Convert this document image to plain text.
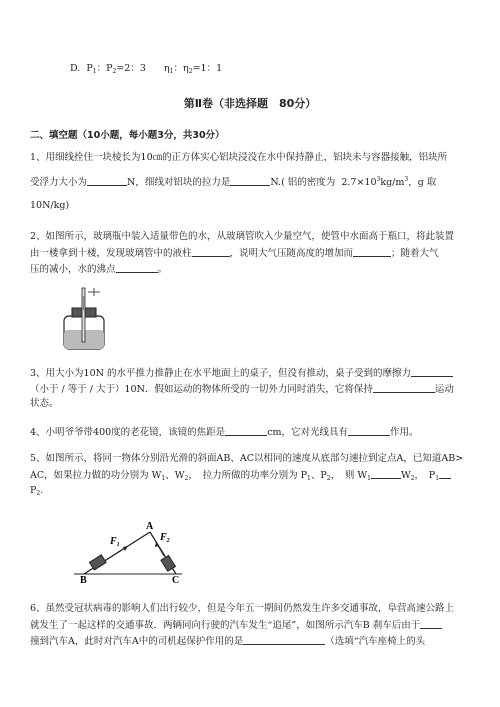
D. $P_1$：$P_2=2$：3 $\eta_1$：$\eta_2=1$：1
第Ⅱ卷（非选择题　80分）
二、填空题（10小题，每小题3分，共30分）
1、用细线拴住一块棱长为10㎝的正方体实心铝块浸没在水中保持静止，铝块未与容器接触，铝块所
受浮力大小为	N，细线对铝块的拉力是	N.( 铝的密度为 $2.7\times 10^3kg/m^3$，g 取
10N/kg)
2、如图所示，玻璃瓶中装入适量带色的水，从玻璃管吹入少量空气，使管中水面高于瓶口，将此装置
由一楼拿到十楼，发现玻璃管中的液柱	，说明大气压随高度的增加而	；随着大气
压的减小，水的沸点	。
3、用大小为10N 的水平推力推静止在水平地面上的桌子，但没有推动，桌子受到的摩擦力
（小于 / 等于 / 大于）10N．假如运动的物体所受的一切外力同时消失，它将保持	运动
状态。
4、小明爷爷带400度的老花镜，该镜的焦距是	cm，它对光线具有	作用。
5、如图所示，将同一物体分别沿光滑的斜面AB、AC以相同的速度从底部匀速拉到定点A，已知道AB>
AC，如果拉力做的功分别为 $W_1$、$W_2$，　拉力所做的功率分别为 $P_1$、$P_2$，　则 $W_1$	$W_2$，　$P_1$
$P_2$.
A
B	C
$F_1$
$F_2$
6、虽然受冠状病毒的影响人们出行较少，但是今年五一期间仍然发生许多交通事故，阜营高速公路上
就发生了一起这样的交通事故．两辆同向行驶的汽车发生“追尾”，如图所示汽车B 刹车后由于
撞到汽车A，此时对汽车A中的司机起保护作用的是	（选填“汽车座椅上的头
